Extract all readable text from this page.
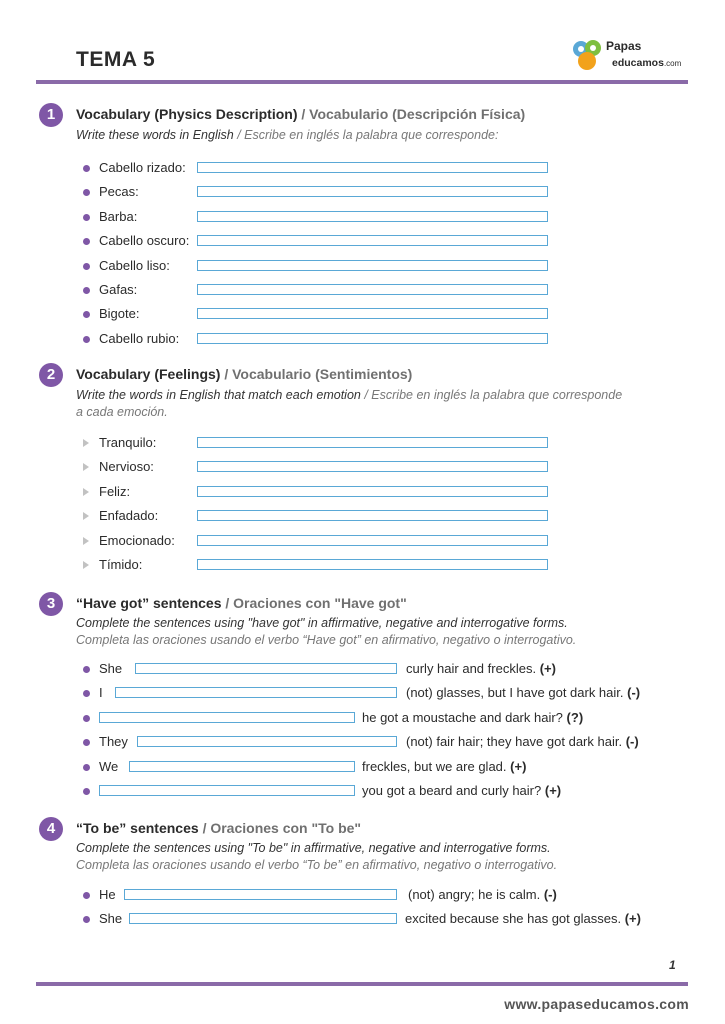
TEMA 5
Papas
educamos.com
1	Vocabulary (Physics Description) / Vocabulario (Descripción Física)
Write these words in English / Escribe en inglés la palabra que corresponde:
Cabello rizado:
Pecas:
Barba:
Cabello oscuro:
Cabello liso:
Gafas:
Bigote:
Cabello rubio:
2	Vocabulary (Feelings) / Vocabulario (Sentimientos)
Write the words in English that match each emotion / Escribe en inglés la palabra que corresponde
a cada emoción.
Tranquilo:
Nervioso:
Feliz:
Enfadado:
Emocionado:
Tímido:
3	“Have got” sentences / Oraciones con "Have got"
Complete the sentences using "have got" in affirmative, negative and interrogative forms.
Completa las oraciones usando el verbo “Have got” en afirmativo, negativo o interrogativo.
She	curly hair and freckles. (+)
I	(not) glasses, but I have got dark hair. (-)
he got a moustache and dark hair? (?)
They	(not) fair hair; they have got dark hair. (-)
We	freckles, but we are glad. (+)
you got a beard and curly hair? (+)
4	“To be” sentences / Oraciones con "To be"
Complete the sentences using "To be" in affirmative, negative and interrogative forms.
Completa las oraciones usando el verbo “To be” en afirmativo, negativo o interrogativo.
He	(not) angry; he is calm. (-)
She	excited because she has got glasses. (+)
1
www.papaseducamos.com
